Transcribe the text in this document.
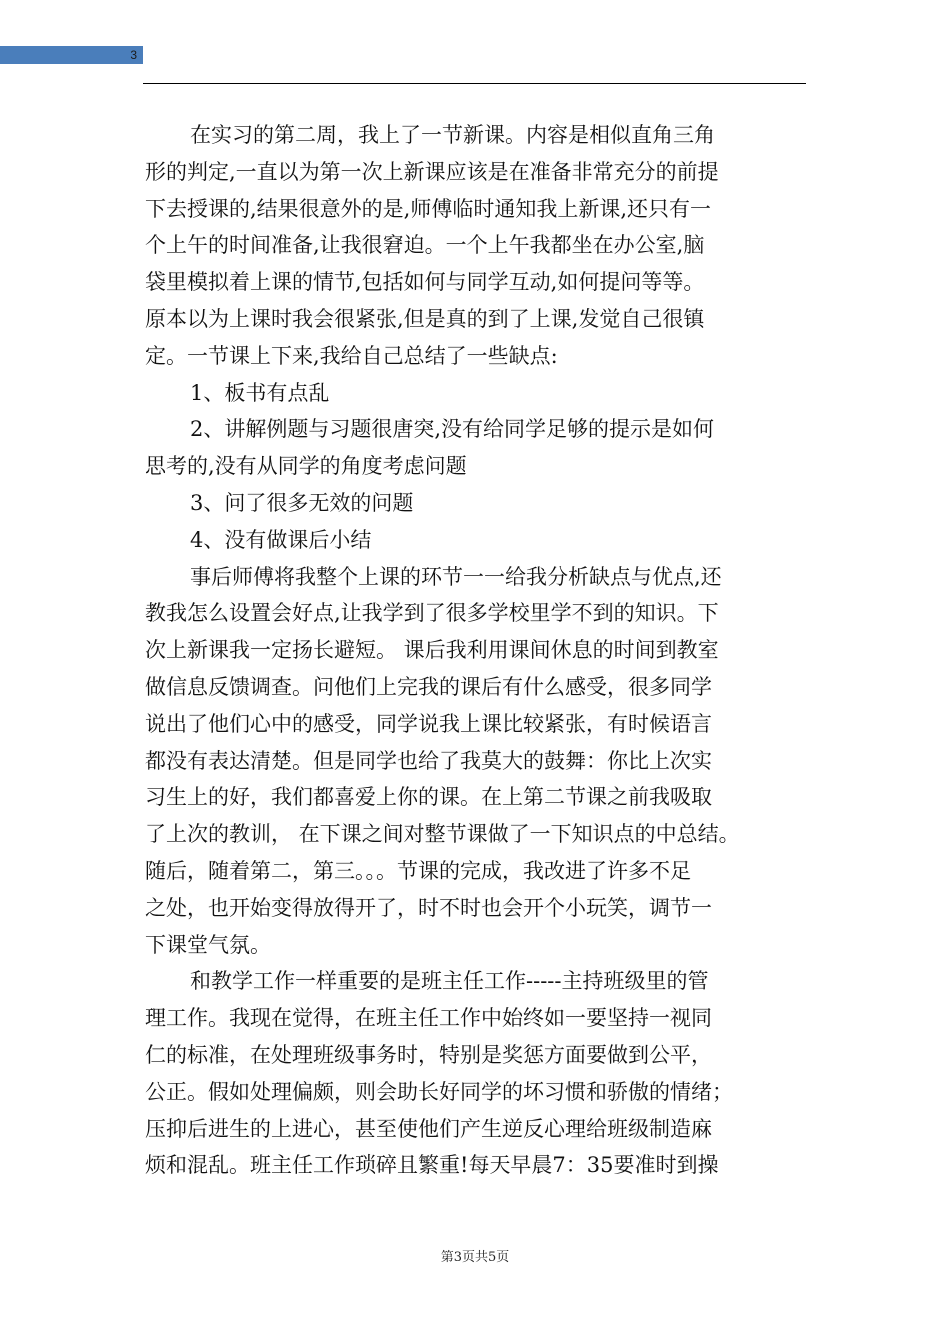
3

在实习的第二周，我上了一节新课。内容是相似直角三角

形的判定,一直以为第一次上新课应该是在准备非常充分的前提

下去授课的,结果很意外的是,师傅临时通知我上新课,还只有一

个上午的时间准备,让我很窘迫。一个上午我都坐在办公室,脑

袋里模拟着上课的情节,包括如何与同学互动,如何提问等等。

原本以为上课时我会很紧张,但是真的到了上课,发觉自己很镇

定。一节课上下来,我给自己总结了一些缺点:

1、板书有点乱

2、讲解例题与习题很唐突,没有给同学足够的提示是如何

思考的,没有从同学的角度考虑问题

3、问了很多无效的问题

4、没有做课后小结

事后师傅将我整个上课的环节一一给我分析缺点与优点,还

教我怎么设置会好点,让我学到了很多学校里学不到的知识。下

次上新课我一定扬长避短。 课后我利用课间休息的时间到教室

做信息反馈调查。问他们上完我的课后有什么感受，很多同学

说出了他们心中的感受，同学说我上课比较紧张，有时候语言

都没有表达清楚。但是同学也给了我莫大的鼓舞：你比上次实

习生上的好，我们都喜爱上你的课。在上第二节课之前我吸取

了上次的教训， 在下课之间对整节课做了一下知识点的中总结。

随后，随着第二，第三。。。节课的完成，我改进了许多不足

之处，也开始变得放得开了，时不时也会开个小玩笑，调节一

下课堂气氛。

和教学工作一样重要的是班主任工作-----主持班级里的管

理工作。我现在觉得，在班主任工作中始终如一要坚持一视同

仁的标准，在处理班级事务时，特别是奖惩方面要做到公平，

公正。假如处理偏颇，则会助长好同学的坏习惯和骄傲的情绪；

压抑后进生的上进心，甚至使他们产生逆反心理给班级制造麻

烦和混乱。班主任工作琐碎且繁重!每天早晨7：35要准时到操

第3页共5页
